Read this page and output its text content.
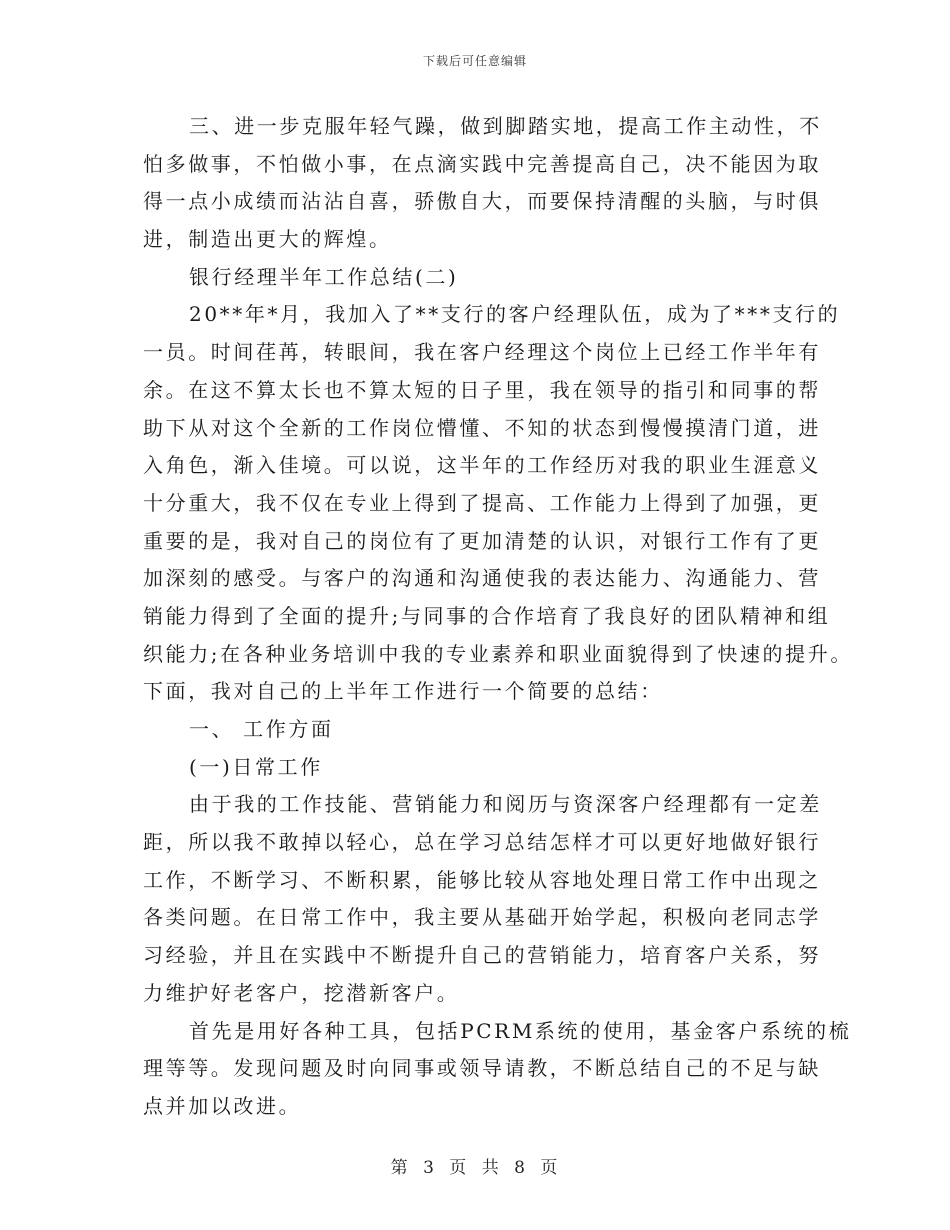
下载后可任意编辑
三、进一步克服年轻气躁，做到脚踏实地，提高工作主动性，不
怕多做事，不怕做小事，在点滴实践中完善提高自己，决不能因为取
得一点小成绩而沾沾自喜，骄傲自大，而要保持清醒的头脑，与时俱
进，制造出更大的辉煌。
银行经理半年工作总结(二)
20**年*月，我加入了**支行的客户经理队伍，成为了***支行的
一员。时间荏苒，转眼间，我在客户经理这个岗位上已经工作半年有
余。在这不算太长也不算太短的日子里，我在领导的指引和同事的帮
助下从对这个全新的工作岗位懵懂、不知的状态到慢慢摸清门道，进
入角色，渐入佳境。可以说，这半年的工作经历对我的职业生涯意义
十分重大，我不仅在专业上得到了提高、工作能力上得到了加强，更
重要的是，我对自己的岗位有了更加清楚的认识，对银行工作有了更
加深刻的感受。与客户的沟通和沟通使我的表达能力、沟通能力、营
销能力得到了全面的提升;与同事的合作培育了我良好的团队精神和组
织能力;在各种业务培训中我的专业素养和职业面貌得到了快速的提升。
下面，我对自己的上半年工作进行一个简要的总结：
一、 工作方面
(一)日常工作
由于我的工作技能、营销能力和阅历与资深客户经理都有一定差
距，所以我不敢掉以轻心，总在学习总结怎样才可以更好地做好银行
工作，不断学习、不断积累，能够比较从容地处理日常工作中出现之
各类问题。在日常工作中，我主要从基础开始学起，积极向老同志学
习经验，并且在实践中不断提升自己的营销能力，培育客户关系，努
力维护好老客户，挖潜新客户。
首先是用好各种工具，包括PCRM系统的使用，基金客户系统的梳
理等等。发现问题及时向同事或领导请教，不断总结自己的不足与缺
点并加以改进。
第 3 页 共 8 页
